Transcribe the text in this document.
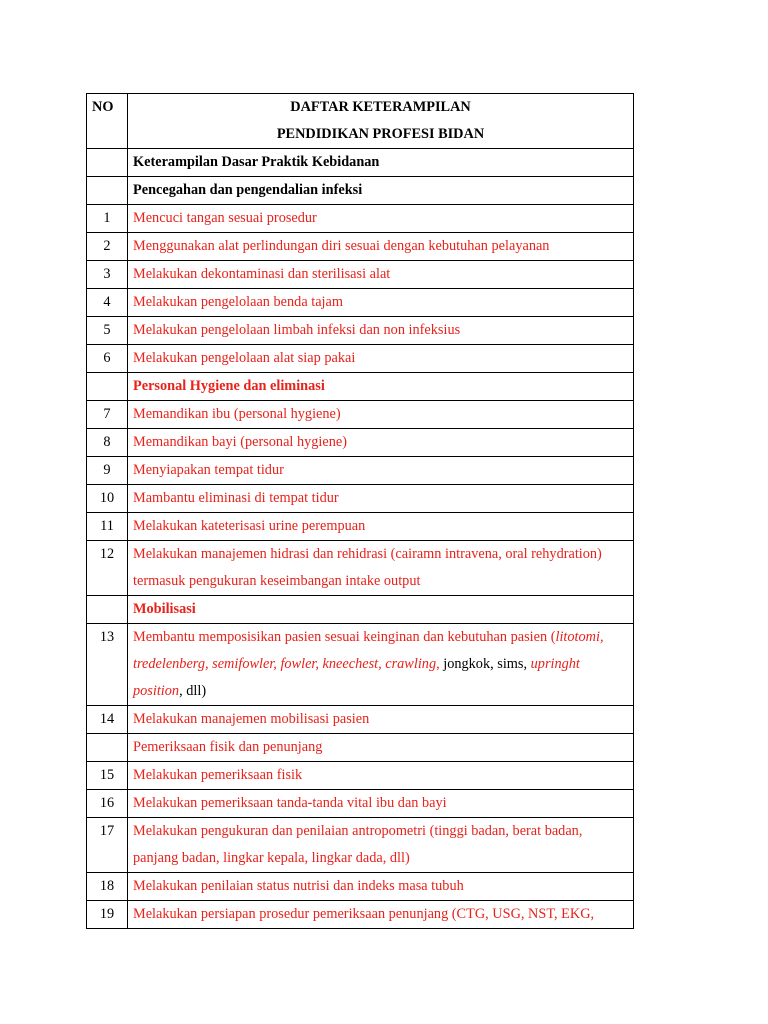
NO	DAFTAR KETERAMPILAN
PENDIDIKAN PROFESI BIDAN

	Keterampilan Dasar Praktik Kebidanan
	Pencegahan dan pengendalian infeksi
1	Mencuci tangan sesuai prosedur
2	Menggunakan alat perlindungan diri sesuai dengan kebutuhan pelayanan
3	Melakukan dekontaminasi dan sterilisasi alat
4	Melakukan pengelolaan benda tajam
5	Melakukan pengelolaan limbah infeksi dan non infeksius
6	Melakukan pengelolaan alat siap pakai
	Personal Hygiene dan eliminasi
7	Memandikan ibu (personal hygiene)
8	Memandikan bayi (personal hygiene)
9	Menyiapakan tempat tidur
10	Mambantu eliminasi di tempat tidur
11	Melakukan kateterisasi urine perempuan
12	Melakukan manajemen hidrasi dan rehidrasi (cairamn intravena, oral rehydration)
termasuk pengukuran keseimbangan intake output

	Mobilisasi
13	Membantu memposisikan pasien sesuai keinginan dan kebutuhan pasien (litotomi,
tredelenberg, semifowler, fowler, kneechest, crawling, jongkok, sims, upringht
position, dll)
14	Melakukan manajemen mobilisasi pasien
	Pemeriksaan fisik dan penunjang
15	Melakukan pemeriksaan fisik
16	Melakukan pemeriksaan tanda-tanda vital ibu dan bayi
17	Melakukan pengukuran dan penilaian antropometri (tinggi badan, berat badan,
panjang badan, lingkar kepala, lingkar dada, dll)

18	Melakukan penilaian status nutrisi dan indeks masa tubuh
19	Melakukan persiapan prosedur pemeriksaan penunjang (CTG, USG, NST, EKG,
